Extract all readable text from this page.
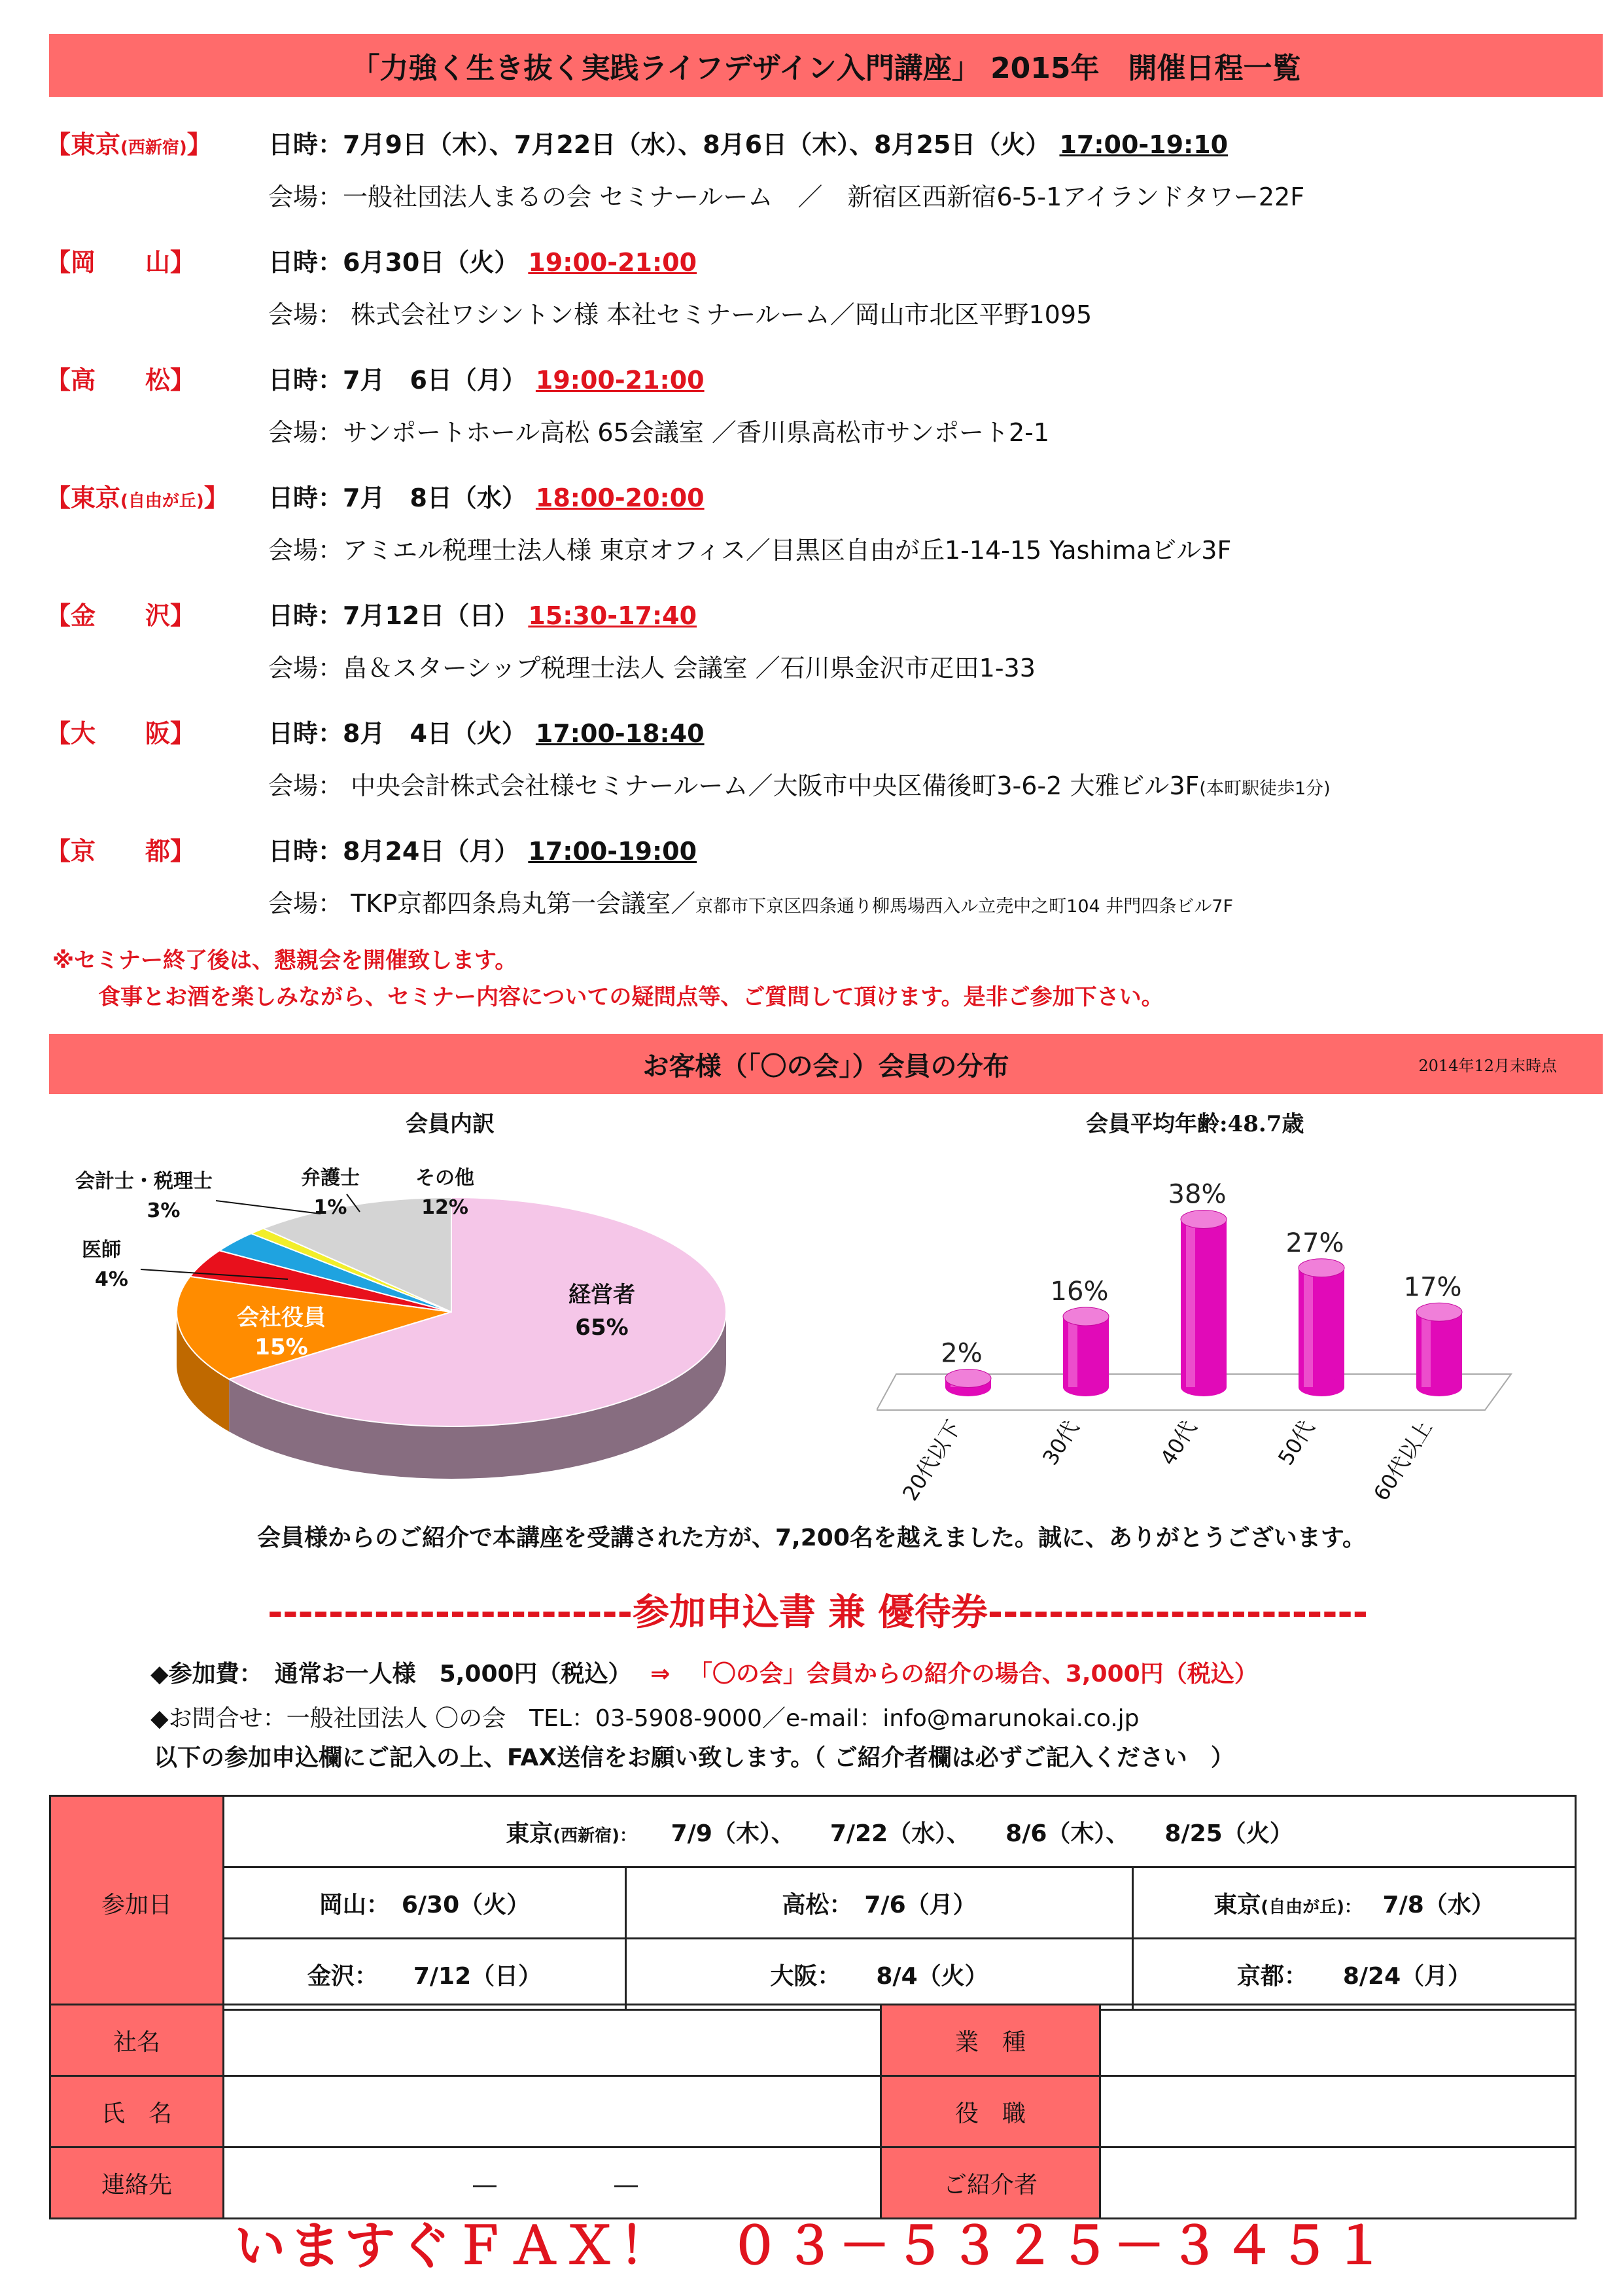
「力強く生き抜く実践ライフデザイン入門講座」 2015年　開催日程一覧
【東京(西新宿)】 日時：7月9日（木）、7月22日（水）、8月6日（木）、8月25日（火） 17:00-19:10
会場：一般社団法人まるの会 セミナールーム　／　新宿区西新宿6-5-1アイランドタワー22F
【岡　　山】	日時：6月30日（火） 19:00-21:00
会場： 株式会社ワシントン様 本社セミナールーム／岡山市北区平野1095
【高　　松】	日時：7月　6日（月） 19:00-21:00
会場：サンポートホール高松 65会議室 ／香川県高松市サンポート2-1
【東京(自由が丘)】 日時：7月　8日（水） 18:00-20:00
会場：アミエル税理士法人様 東京オフィス／目黒区自由が丘1-14-15 Yashimaビル3F
【金　　沢】	日時：7月12日（日） 15:30-17:40
会場：畠＆スターシップ税理士法人 会議室 ／石川県金沢市疋田1-33
【大　　阪】	日時：8月　4日（火） 17:00-18:40
会場： 中央会計株式会社様セミナールーム／大阪市中央区備後町3-6-2 大雅ビル3F(本町駅徒歩1分)
【京　　都】	日時：8月24日（月） 17:00-19:00
会場： TKP京都四条烏丸第一会議室／京都市下京区四条通り柳馬場西入ル立売中之町104 井門四条ビル7F
※セミナー終了後は、懇親会を開催致します。
食事とお酒を楽しみながら、セミナー内容についての疑問点等、ご質問して頂けます。是非ご参加下さい。
お客様（「〇の会」）会員の分布	2014年12月末時点
会員内訳
経営者
65%
会社役員
15%
医師
4%
会計士・税理士
3%
弁護士
1%
その他
12%
会員平均年齢:48.7歳
2%
20代以下
16%
30代
38%
40代
27%
50代
17%
60代以上
会員様からのご紹介で本講座を受講された方が、7,200名を越えました。誠に、ありがとうございます。
------------------------参加申込書 兼 優待券-------------------------
◆参加費：　通常お一人様　5,000円（税込） ⇒ 「〇の会」会員からの紹介の場合、3,000円（税込）
◆お問合せ：一般社団法人 〇の会　TEL：03-5908-9000／e-mail：info@marunokai.co.jp
以下の参加申込欄にご記入の上、FAX送信をお願い致します。（ ご紹介者欄は必ずご記入ください　）
参加日	東京(西新宿)： 7/9（木）、　　7/22（水）、　　8/6（木）、　　8/25（火）		
	岡山：　6/30（火）	高松：　7/6（月）	東京(自由が丘)： 7/8（水）
	金沢：　　7/12（日）	大阪：　　8/4（火）	京都：　　8/24（月）
社名		業　種	
氏　名		役　職	
連絡先	―　　　　　―	ご紹介者	
いますぐＦＡＸ！　０３－５３２５－３４５１
